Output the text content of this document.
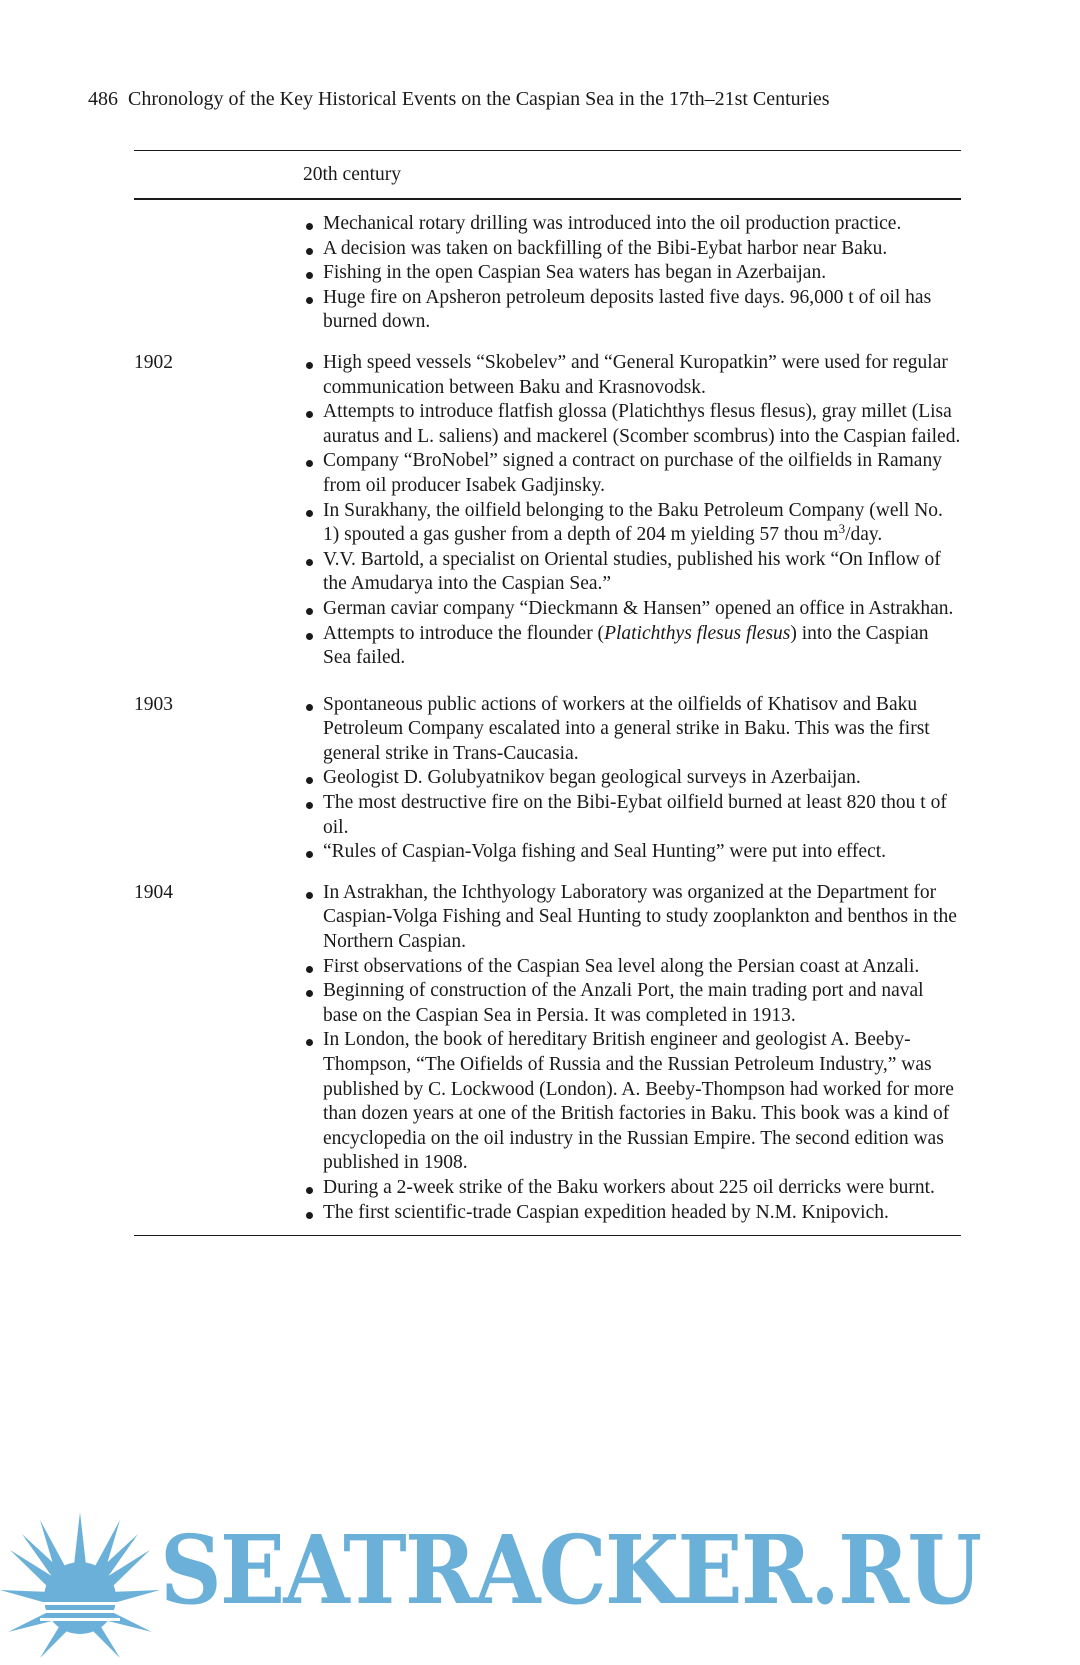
486 Chronology of the Key Historical Events on the Caspian Sea in the 17th–21st Centuries
20th century
Mechanical rotary drilling was introduced into the oil production practice.
A decision was taken on backfilling of the Bibi-Eybat harbor near Baku.
Fishing in the open Caspian Sea waters has began in Azerbaijan.
Huge fire on Apsheron petroleum deposits lasted five days. 96,000 t of oil has burned down.
1902	High speed vessels “Skobelev” and “General Kuropatkin” were used for regular communication between Baku and Krasnovodsk.
Attempts to introduce flatfish glossa (Platichthys flesus flesus), gray millet (Lisa auratus and L. saliens) and mackerel (Scomber scombrus) into the Caspian failed.
Company “BroNobel” signed a contract on purchase of the oilfields in Ramany from oil producer Isabek Gadjinsky.
In Surakhany, the oilfield belonging to the Baku Petroleum Company (well No. 1) spouted a gas gusher from a depth of 204 m yielding 57 thou $m^3$/day.
V.V. Bartold, a specialist on Oriental studies, published his work “On Inflow of the Amudarya into the Caspian Sea.”
German caviar company “Dieckmann & Hansen” opened an office in Astrakhan.
Attempts to introduce the flounder (Platichthys flesus flesus) into the Caspian Sea failed.
1903	Spontaneous public actions of workers at the oilfields of Khatisov and Baku Petroleum Company escalated into a general strike in Baku. This was the first general strike in Trans-Caucasia.
Geologist D. Golubyatnikov began geological surveys in Azerbaijan.
The most destructive fire on the Bibi-Eybat oilfield burned at least 820 thou t of oil.
“Rules of Caspian-Volga fishing and Seal Hunting” were put into effect.
1904	In Astrakhan, the Ichthyology Laboratory was organized at the Department for Caspian-Volga Fishing and Seal Hunting to study zooplankton and benthos in the Northern Caspian.
First observations of the Caspian Sea level along the Persian coast at Anzali.
Beginning of construction of the Anzali Port, the main trading port and naval base on the Caspian Sea in Persia. It was completed in 1913.
In London, the book of hereditary British engineer and geologist A. Beeby-Thompson, “The Oifields of Russia and the Russian Petroleum Industry,” was published by C. Lockwood (London). A. Beeby-Thompson had worked for more than dozen years at one of the British factories in Baku. This book was a kind of encyclopedia on the oil industry in the Russian Empire. The second edition was published in 1908.
During a 2-week strike of the Baku workers about 225 oil derricks were burnt.
The first scientific-trade Caspian expedition headed by N.M. Knipovich.
SEATRACKER.RU
